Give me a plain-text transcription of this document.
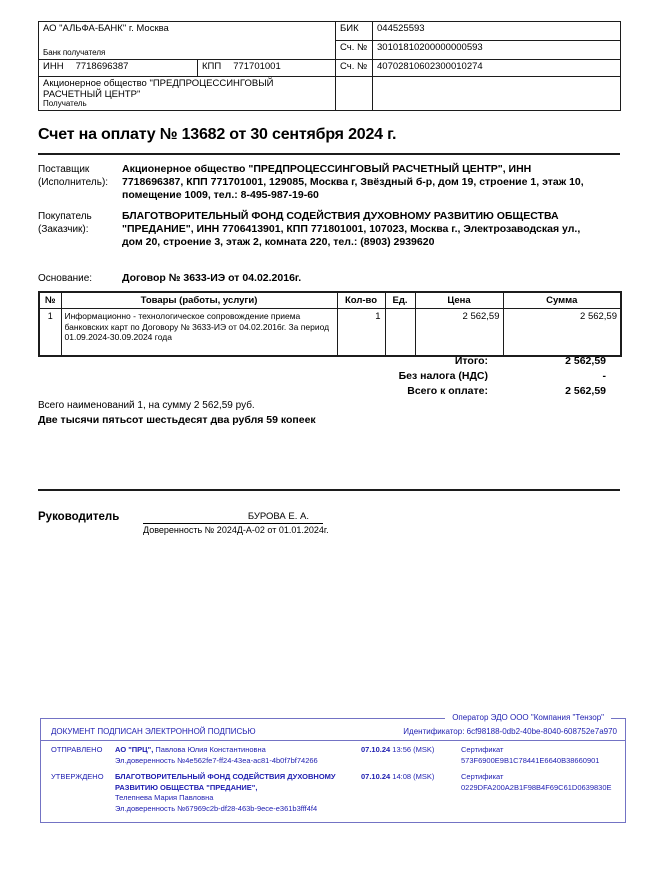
АО "АЛЬФА-БАНК" г. Москва
Банк получателя		БИК	044525593
		Сч. №	30101810200000000593
ИНН 7718696387	КПП 771701001	Сч. №	40702810602300010274
Акционерное общество "ПРЕДПРОЦЕССИНГОВЫЙ РАСЧЕТНЫЙ ЦЕНТР"
Получатель			

Счет на оплату № 13682 от 30 сентября 2024 г.
Поставщик (Исполнитель):
Акционерное общество "ПРЕДПРОЦЕССИНГОВЫЙ РАСЧЕТНЫЙ ЦЕНТР", ИНН 7718696387, КПП 771701001, 129085, Москва г, Звёздный б-р, дом 19, строение 1, этаж 10, помещение 1009, тел.: 8-495-987-19-60
Покупатель (Заказчик):
БЛАГОТВОРИТЕЛЬНЫЙ ФОНД СОДЕЙСТВИЯ ДУХОВНОМУ РАЗВИТИЮ ОБЩЕСТВА "ПРЕДАНИЕ", ИНН 7706413901, КПП 771801001, 107023, Москва г., Электрозаводская ул., дом 20, строение 3, этаж 2, комната 220, тел.: (8903) 2939620
Основание:	Договор № 3633-ИЭ от 04.02.2016г.
№	Товары (работы, услуги)	Кол-во	Ед.	Цена	Сумма
1	Информационно - технологическое сопровождение приема банковских карт по Договору № 3633-ИЭ от 04.02.2016г. За период 01.09.2024-30.09.2024 года	1		2 562,59	2 562,59
Итого:	2 562,59
Без налога (НДС)	-
Всего к оплате:	2 562,59
Всего наименований 1, на сумму 2 562,59 руб.
Две тысячи пятьсот шестьдесят два рубля 59 копеек
Руководитель	БУРОВА Е. А.
Доверенность № 2024Д-А-02 от 01.01.2024г.
Оператор ЭДО ООО "Компания "Тензор"
ДОКУМЕНТ ПОДПИСАН ЭЛЕКТРОННОЙ ПОДПИСЬЮ	Идентификатор: 6cf98188-0db2-40be-8040-608752e7a970
ОТПРАВЛЕНО	АО "ПРЦ", Павлова Юлия Константиновна
Эл.доверенность №4e562fe7-ff24-43ea-ac81-4b0f7bf74266
07.10.24 13:56 (MSK)	Сертификат 573F6900E9B1C78441E6640B38660901
УТВЕРЖДЕНО	БЛАГОТВОРИТЕЛЬНЫЙ ФОНД СОДЕЙСТВИЯ ДУХОВНОМУ РАЗВИТИЮ ОБЩЕСТВА "ПРЕДАНИЕ",
Телепнева Мария Павловна
Эл.доверенность №67969c2b-df28-463b-9ece-e361b3fff4f4
07.10.24 14:08 (MSK)	Сертификат 0229DFA200A2B1F98B4F69C61D0639830E
